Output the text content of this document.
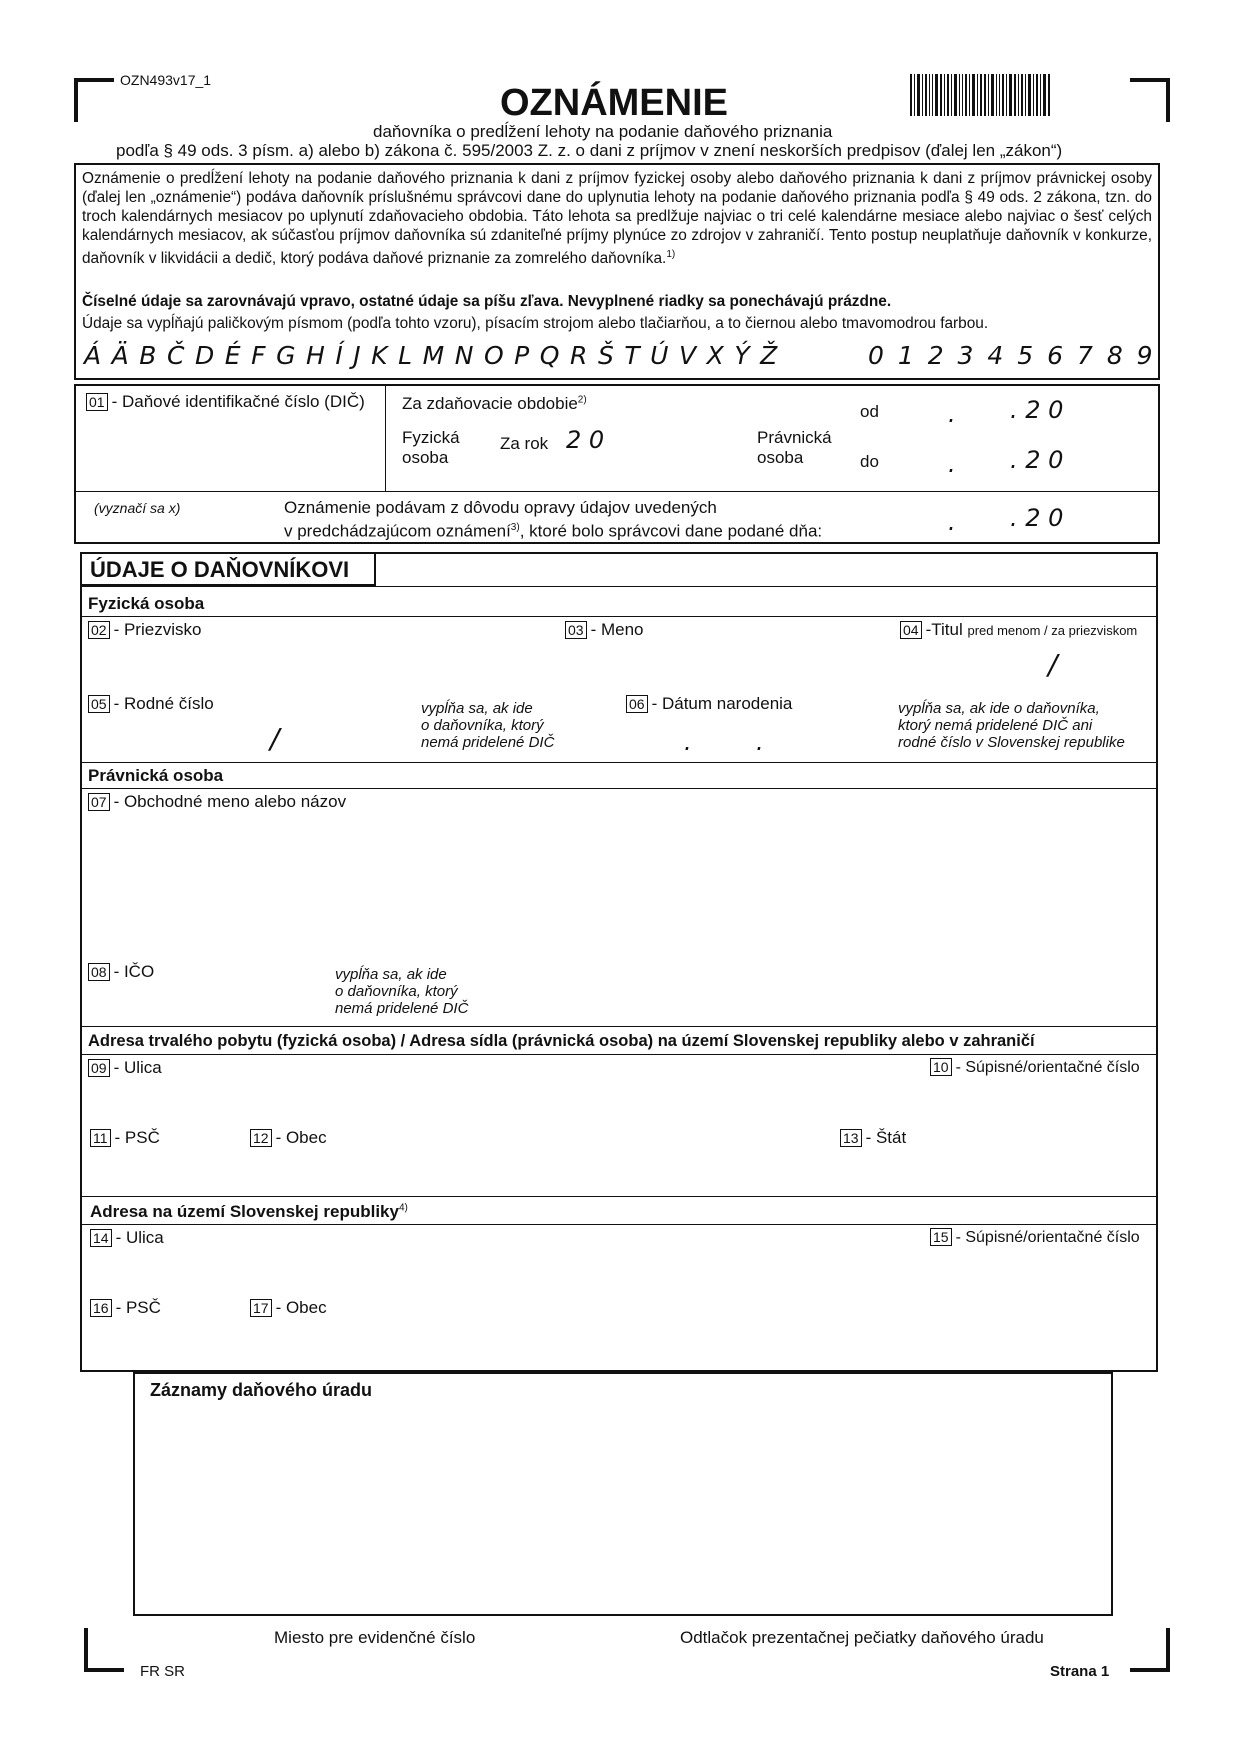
OZN493v17_1
OZNÁMENIE
daňovníka o predĺžení lehoty na podanie daňového priznania
podľa § 49 ods. 3 písm. a) alebo b) zákona č. 595/2003 Z. z. o dani z príjmov v znení neskorších predpisov (ďalej len „zákon“)
Oznámenie o predĺžení lehoty na podanie daňového priznania k dani z príjmov fyzickej osoby alebo daňového priznania k dani z príjmov právnickej osoby (ďalej len „oznámenie“) podáva daňovník príslušnému správcovi dane do uplynutia lehoty na podanie daňového priznania podľa § 49 ods. 2 zákona, tzn. do troch kalendárnych mesiacov po uplynutí zdaňovacieho obdobia. Táto lehota sa predlžuje najviac o tri celé kalendárne mesiace alebo najviac o šesť celých kalendárnych mesiacov, ak súčasťou príjmov daňovníka sú zdaniteľné príjmy plynúce zo zdrojov v zahraničí. Tento postup neuplatňuje daňovník v konkurze, daňovník v likvidácii a dedič, ktorý podáva daňové priznanie za zomrelého daňovníka.$^{1)}$
Číselné údaje sa zarovnávajú vpravo, ostatné údaje sa píšu zľava. Nevyplnené riadky sa ponechávajú prázdne.
Údaje sa vypĺňajú paličkovým písmom (podľa tohto vzoru), písacím strojom alebo tlačiarňou, a to čiernou alebo tmavomodrou farbou.
Á Ä B Č D É F G H Í J K L M N O P Q R Š T Ú V X Ý Ž	0 1 2 3 4 5 6 7 8 9
01 - Daňové identifikačné číslo (DIČ) Za zdaňovacie obdobie$^{2)}$
Fyzická
osoba
Za rok 2 0	Právnická
osoba
od	. . 2 0
do	. . 2 0
(vyznačí sa x)	Oznámenie podávam z dôvodu opravy údajov uvedených
v predchádzajúcom oznámení$^{3)}$, ktoré bolo správcovi dane podané dňa:	. . 2 0
ÚDAJE O DAŇOVNÍKOVI
Fyzická osoba
02 - Priezvisko	03 - Meno	04 -Titul pred menom / za priezviskom
/
05 - Rodné číslo
/
vypĺňa sa, ak ide
o daňovníka, ktorý
nemá pridelené DIČ
06 - Dátum narodenia
.	.
vypĺňa sa, ak ide o daňovníka,
ktorý nemá pridelené DIČ ani
rodné číslo v Slovenskej republike
Právnická osoba
07 - Obchodné meno alebo názov
08 - IČO	vypĺňa sa, ak ide
o daňovníka, ktorý
nemá pridelené DIČ
Adresa trvalého pobytu (fyzická osoba) / Adresa sídla (právnická osoba) na území Slovenskej republiky alebo v zahraničí
09 - Ulica	10 - Súpisné/orientačné číslo
11 - PSČ	12 - Obec	13 - Štát
Adresa na území Slovenskej republiky$^{4)}$
14 - Ulica	15 - Súpisné/orientačné číslo
16 - PSČ	17 - Obec
Záznamy daňového úradu
Miesto pre evidenčné číslo	Odtlačok prezentačnej pečiatky daňového úradu
FR SR	Strana 1
